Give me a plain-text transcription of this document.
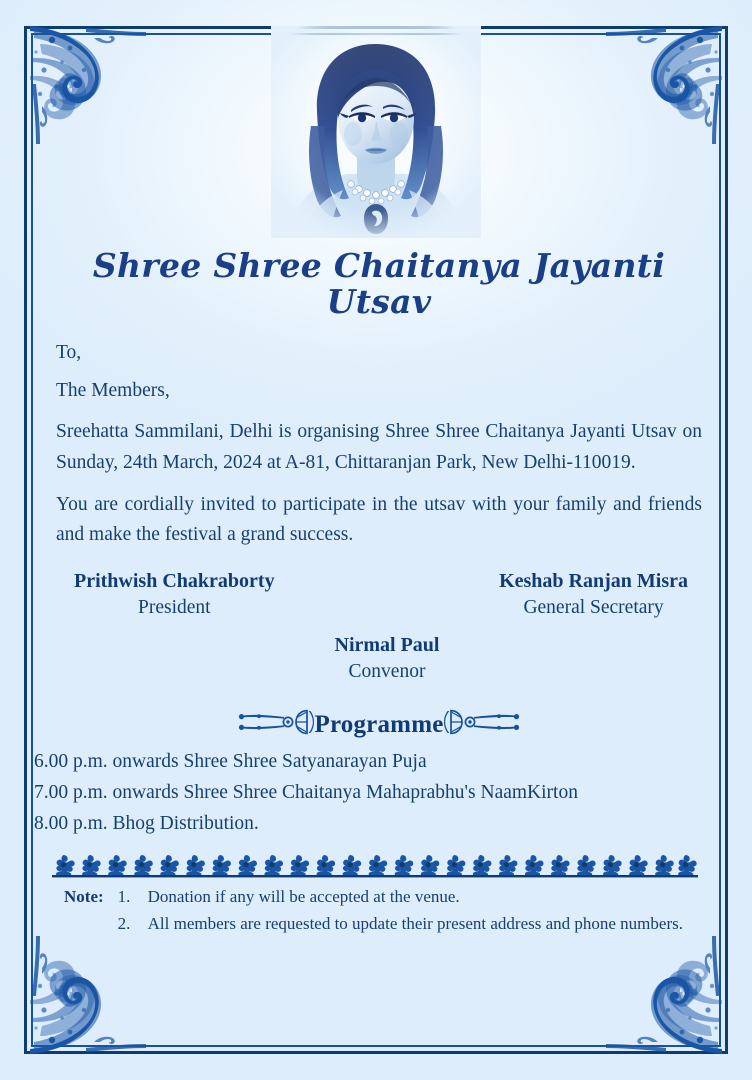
Shree Shree Chaitanya Jayanti Utsav

To,

The Members,

Sreehatta Sammilani, Delhi is organising Shree Shree Chaitanya Jayanti Utsav on Sunday, 24th March, 2024 at A-81, Chittaranjan Park, New Delhi-110019.

You are cordially invited to participate in the utsav with your family and friends and make the festival a grand success.

Prithwish Chakraborty
President
Keshab Ranjan Misra
General Secretary
Nirmal Paul
Convenor
Programme
6.00 p.m. onwards Shree Shree Satyanarayan Puja
7.00 p.m. onwards Shree Shree Chaitanya Mahaprabhu's NaamKirton
8.00 p.m. Bhog Distribution.
Note: 1.	Donation if any will be accepted at the venue.
2.	All members are requested to update their present address and phone numbers.
